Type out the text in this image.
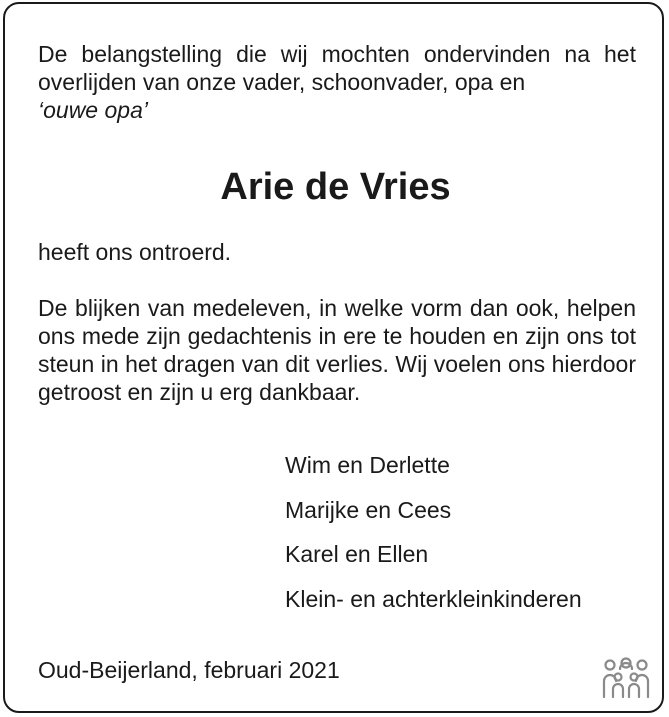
De belangstelling die wij mochten ondervinden na het overlijden van onze vader, schoonvader, opa en
‘ouwe opa’

Arie de Vries

heeft ons ontroerd.

De blijken van medeleven, in welke vorm dan ook, helpen ons mede zijn gedachtenis in ere te houden en zijn ons tot steun in het dragen van dit verlies. Wij voelen ons hierdoor getroost en zijn u erg dankbaar.

Wim en Derlette
Marijke en Cees
Karel en Ellen
Klein- en achterkleinkinderen

Oud-Beijerland, februari 2021
